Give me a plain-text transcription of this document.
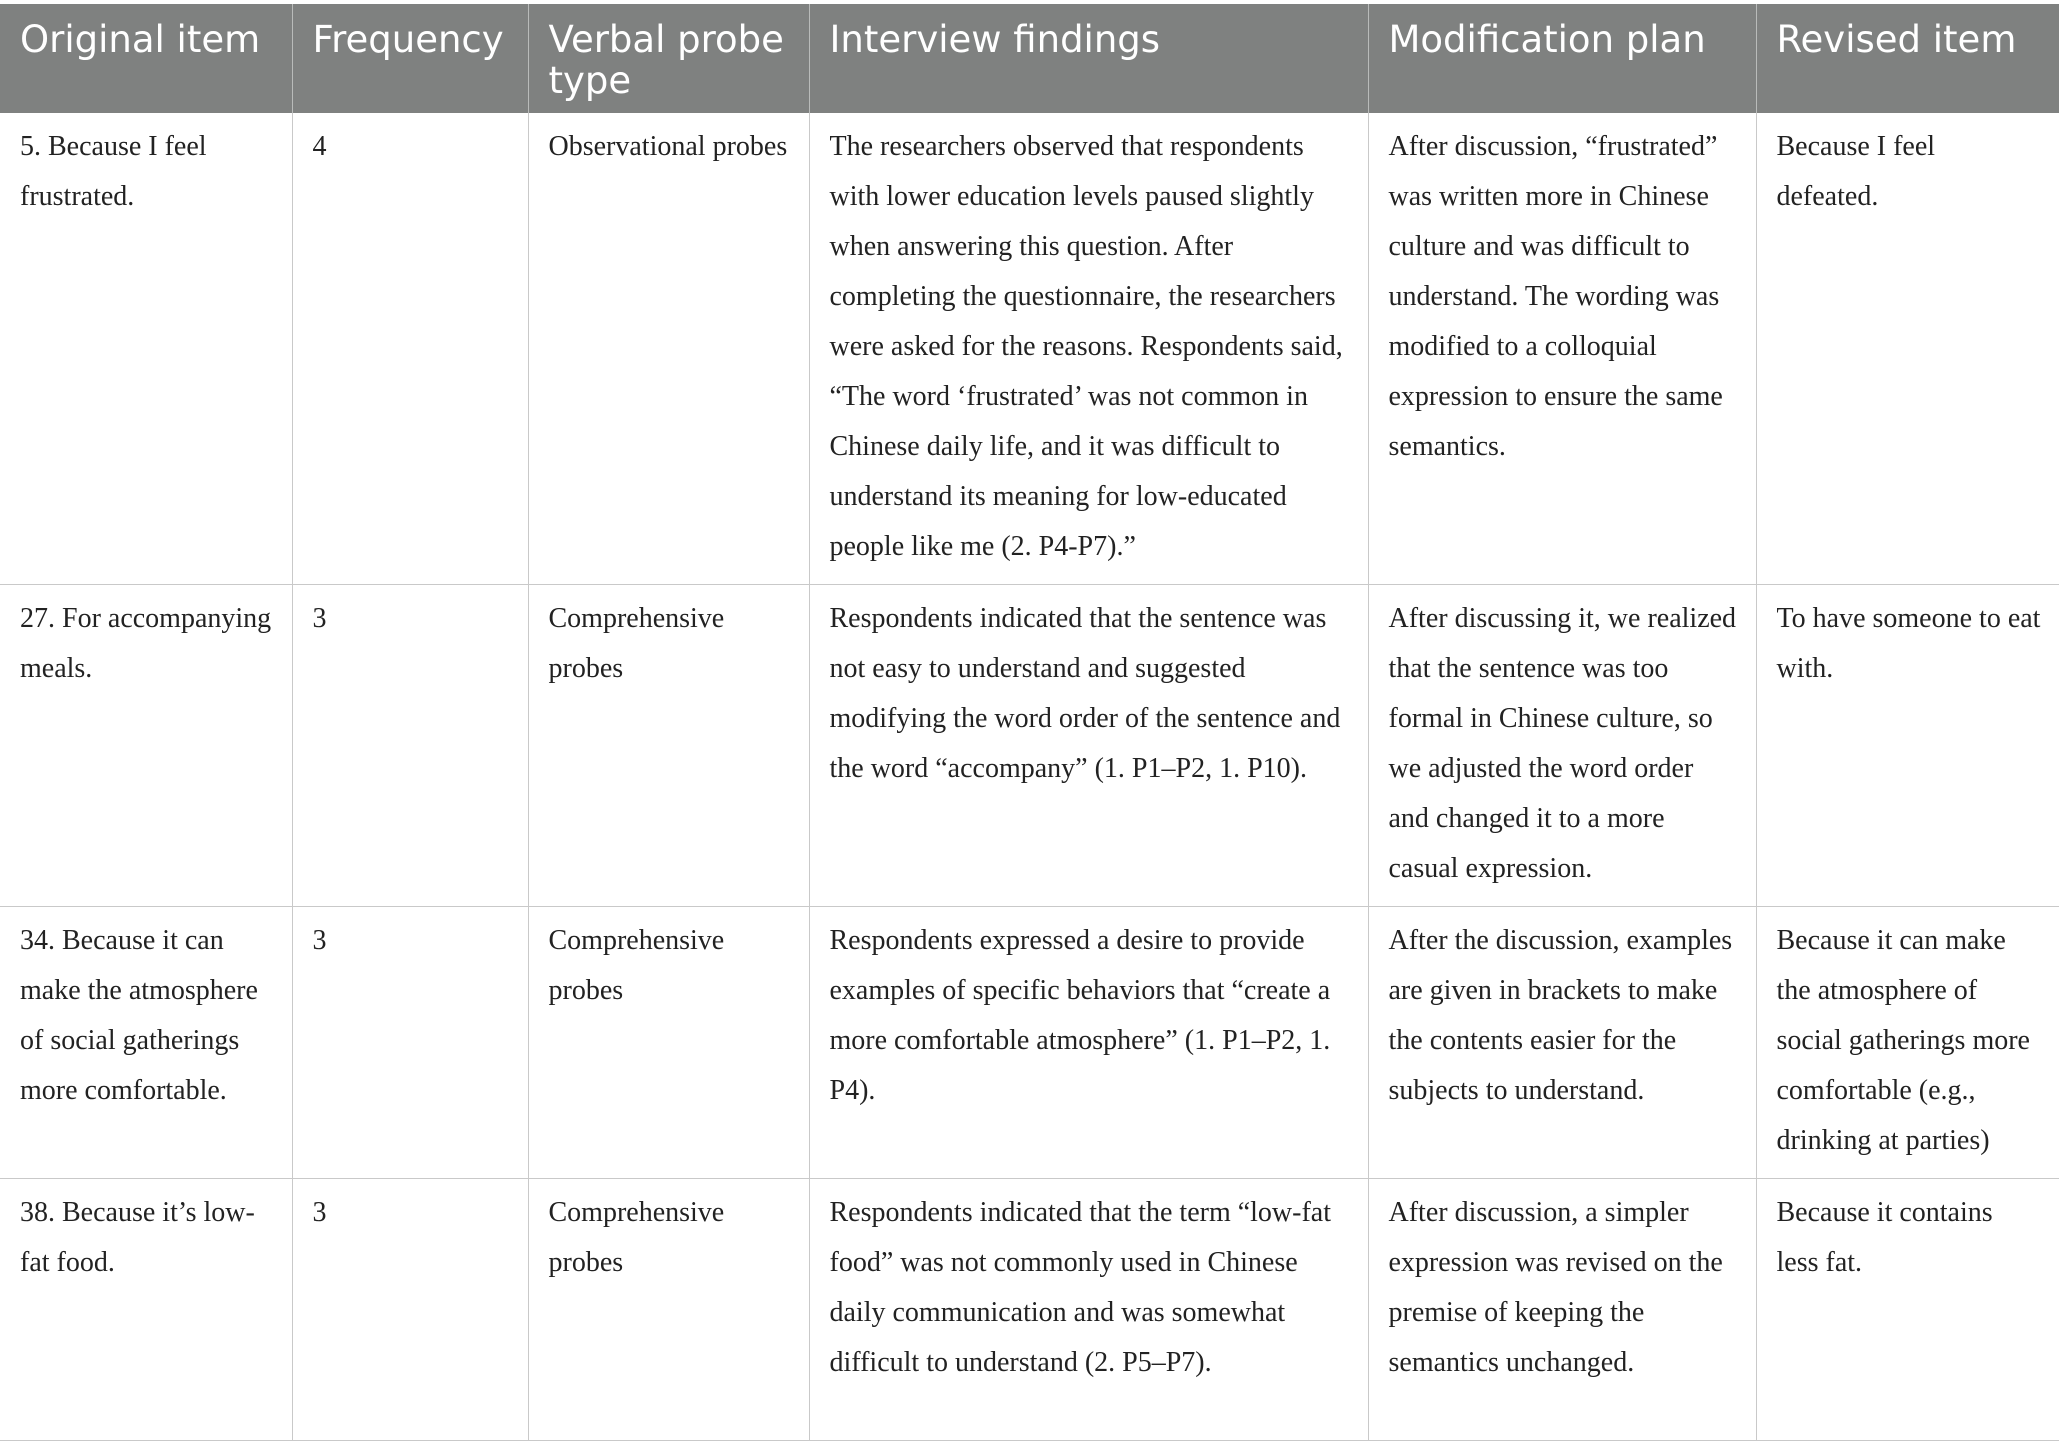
Original item	Frequency	Verbal probe type	Interview findings	Modification plan	Revised item
5. Because I feel frustrated.	4	Observational probes	The researchers observed that respondents with lower education levels paused slightly when answering this question. After completing the questionnaire, the researchers were asked for the reasons. Respondents said, “The word ‘frustrated’ was not common in Chinese daily life, and it was difficult to understand its meaning for low-educated people like me (2. P4-P7).”	After discussion, “frustrated” was written more in Chinese culture and was difficult to understand. The wording was modified to a colloquial expression to ensure the same semantics.	Because I feel defeated.
27. For accompanying meals.	3	Comprehensive probes	Respondents indicated that the sentence was not easy to understand and suggested modifying the word order of the sentence and the word “accompany” (1. P1–P2, 1. P10).	After discussing it, we realized that the sentence was too formal in Chinese culture, so we adjusted the word order and changed it to a more casual expression.	To have someone to eat with.
34. Because it can make the atmosphere of social gatherings more comfortable.	3	Comprehensive probes	Respondents expressed a desire to provide examples of specific behaviors that “create a more comfortable atmosphere” (1. P1–P2, 1. P4).	After the discussion, examples are given in brackets to make the contents easier for the subjects to understand.	Because it can make the atmosphere of social gatherings more comfortable (e.g., drinking at parties)
38. Because it’s low-fat food.	3	Comprehensive probes	Respondents indicated that the term “low-fat food” was not commonly used in Chinese daily communication and was somewhat difficult to understand (2. P5–P7).	After discussion, a simpler expression was revised on the premise of keeping the semantics unchanged.	Because it contains less fat.
